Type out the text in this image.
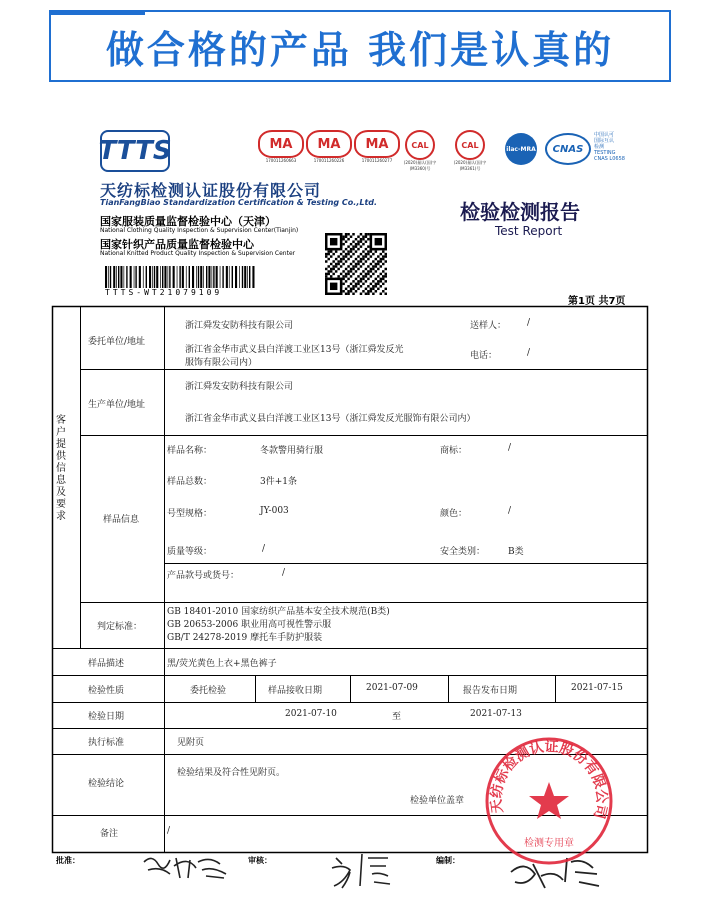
做合格的产品 我们是认真的
TTTS	MA
170011260663
MA
170011260226
MA
170011260277
CAL
(2020)量认(国)字(M3360)号
CAL
(2020)量认(国)字(M3361)号
ilac-MRA	CNAS
中国认可
国际互认
检测
TESTING
CNAS L0658
天纺标检测认证股份有限公司
TianFangBiao Standardization Certification & Testing Co.,Ltd.
国家服装质量监督检验中心（天津）
National Clothing Quality Inspection & Supervision Center(Tianjin)
国家针织产品质量监督检验中心
National Knitted Product Quality Inspection & Supervision Center
TTTS-WT21079109
检验检测报告
Test Report
第1页 共7页
客户提供信息及要求
委托单位/地址
浙江舜发安防科技有限公司
浙江省金华市武义县白洋渡工业区13号（浙江舜发反光
服饰有限公司内）
送样人： /
电话：	/
生产单位/地址
浙江舜发安防科技有限公司
浙江省金华市武义县白洋渡工业区13号（浙江舜发反光服饰有限公司内）
样品信息
样品名称：	冬款警用骑行服	商标：	/
样品总数：	3件+1条
号型规格：	JY-003	颜色：	/
质量等级：	/	安全类别：	B类
产品款号或货号：	/
判定标准：
GB 18401-2010 国家纺织产品基本安全技术规范(B类)
GB 20653-2006 职业用高可视性警示服
GB/T 24278-2019 摩托车手防护服装
样品描述	黑/荧光黄色上衣+黑色裤子
检验性质	委托检验	样品接收日期	2021-07-09	报告发布日期	2021-07-15
检验日期	2021-07-10	至	2021-07-13
执行标准	见附页
检验结论
检验结果及符合性见附页。
检验单位盖章
备注	/
批准：	审核：	编制：
天纺标检测认证股份有限公司
检测专用章
